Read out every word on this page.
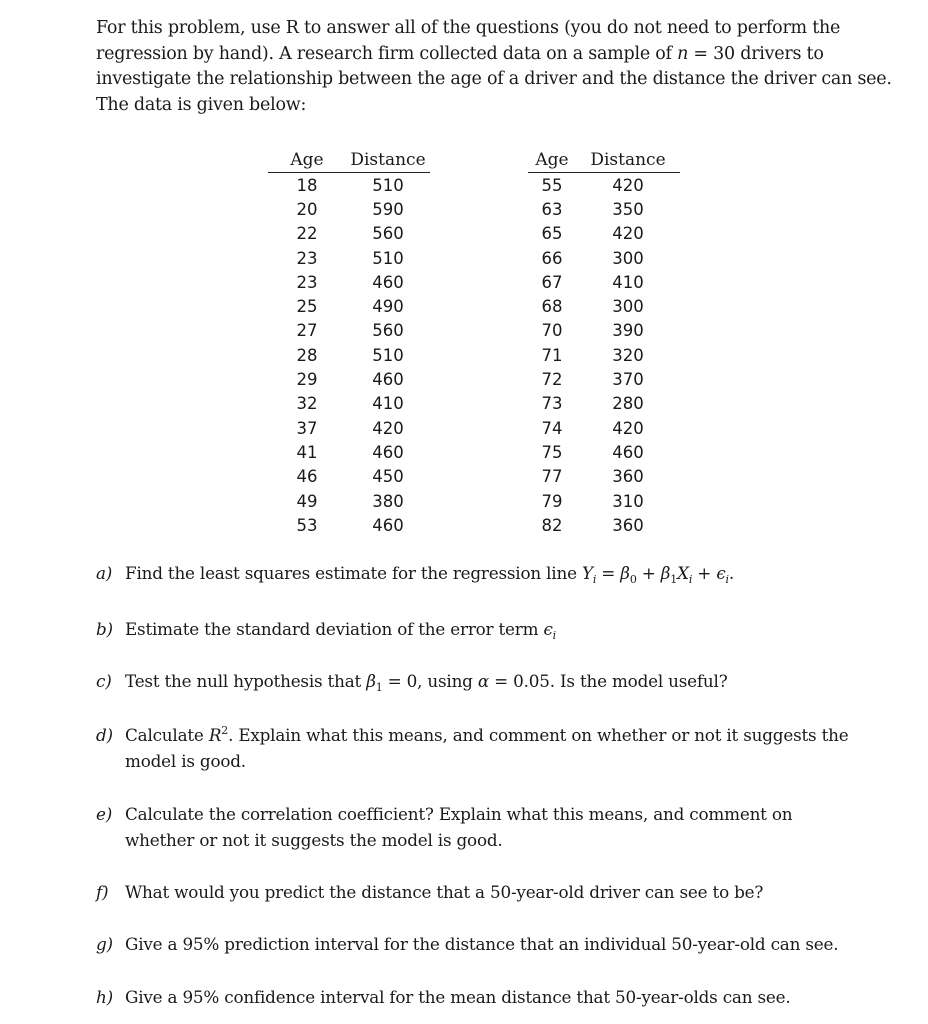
For this problem, use R to answer all of the questions (you do not need to perform the
regression by hand). A research firm collected data on a sample of n = 30 drivers to
investigate the relationship between the age of a driver and the distance the driver can see.
The data is given below:
Age	Distance
18	510
20	590
22	560
23	510
23	460
25	490
27	560
28	510
29	460
32	410
37	420
41	460
46	450
49	380
53	460
Age	Distance
55	420
63	350
65	420
66	300
67	410
68	300
70	390
71	320
72	370
73	280
74	420
75	460
77	360
79	310
82	360
a) Find the least squares estimate for the regression line $Y_i = \beta_0 + \beta_1X_i + \epsilon_i$.
b) Estimate the standard deviation of the error term $\epsilon_i$
c) Test the null hypothesis that $\beta_1 = 0$, using α = 0.05. Is the model useful?
d) Calculate $R^2$. Explain what this means, and comment on whether or not it suggests the
model is good.
e) Calculate the correlation coefficient? Explain what this means, and comment on
whether or not it suggests the model is good.
f) What would you predict the distance that a 50-year-old driver can see to be?
g) Give a 95% prediction interval for the distance that an individual 50-year-old can see.
h) Give a 95% confidence interval for the mean distance that 50-year-olds can see.
